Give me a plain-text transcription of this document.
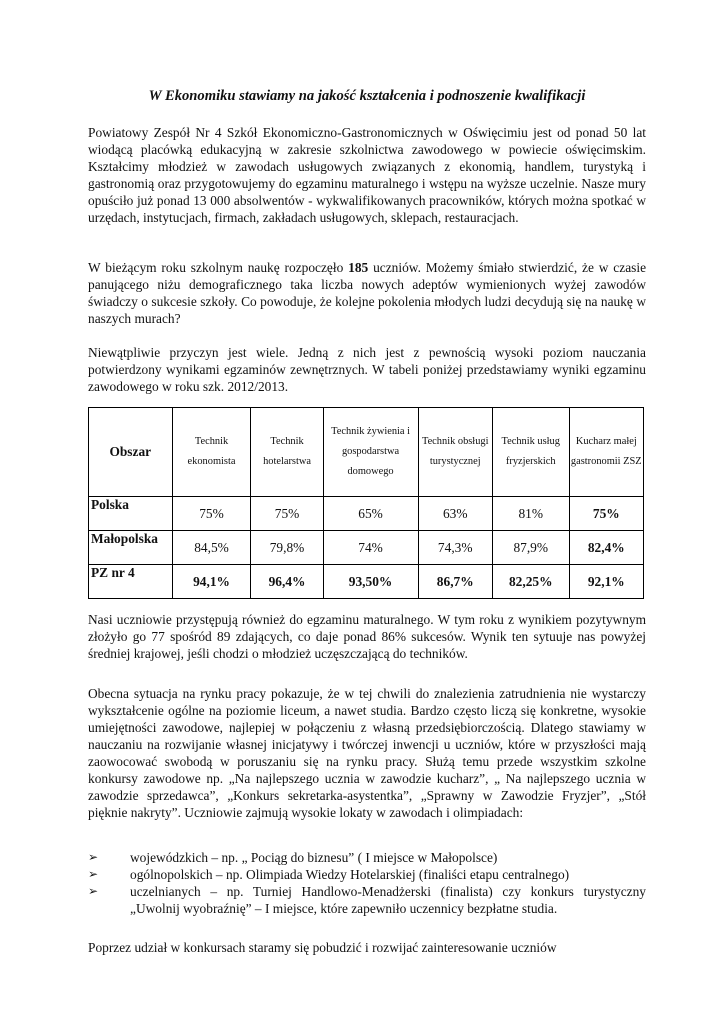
W Ekonomiku stawiamy na jakość kształcenia i podnoszenie kwalifikacji

Powiatowy Zespół Nr 4 Szkół Ekonomiczno-Gastronomicznych w Oświęcimiu jest od ponad 50 lat wiodącą placówką edukacyjną w zakresie szkolnictwa zawodowego w powiecie oświęcimskim. Kształcimy młodzież w zawodach usługowych związanych z ekonomią, handlem, turystyką i gastronomią oraz przygotowujemy do egzaminu maturalnego i wstępu na wyższe uczelnie. Nasze mury opuściło już ponad 13 000 absolwentów - wykwalifikowanych pracowników, których można spotkać w urzędach, instytucjach, firmach, zakładach usługowych, sklepach, restauracjach.

W bieżącym roku szkolnym naukę rozpoczęło 185 uczniów. Możemy śmiało stwierdzić, że w czasie panującego niżu demograficznego taka liczba nowych adeptów wymienionych wyżej zawodów świadczy o sukcesie szkoły. Co powoduje, że kolejne pokolenia młodych ludzi decydują się na naukę w naszych murach?

Niewątpliwie przyczyn jest wiele. Jedną z nich jest z pewnością wysoki poziom nauczania potwierdzony wynikami egzaminów zewnętrznych. W tabeli poniżej przedstawiamy wyniki egzaminu zawodowego w roku szk. 2012/2013.

Obszar	Technik ekonomista	Technik hotelarstwa	Technik żywienia i gospodarstwa domowego	Technik obsługi turystycznej	Technik usług fryzjerskich	Kucharz małej gastronomii ZSZ
Polska	75%	75%	65%	63%	81%	75%
Małopolska	84,5%	79,8%	74%	74,3%	87,9%	82,4%
PZ nr 4	94,1%	96,4%	93,50%	86,7%	82,25%	92,1%

Nasi uczniowie przystępują również do egzaminu maturalnego. W tym roku z wynikiem pozytywnym złożyło go 77 spośród 89 zdających, co daje ponad 86% sukcesów. Wynik ten sytuuje nas powyżej średniej krajowej, jeśli chodzi o młodzież uczęszczającą do techników.

Obecna sytuacja na rynku pracy pokazuje, że w tej chwili do znalezienia zatrudnienia nie wystarczy wykształcenie ogólne na poziomie liceum, a nawet studia. Bardzo często liczą się konkretne, wysokie umiejętności zawodowe, najlepiej w połączeniu z własną przedsiębiorczością. Dlatego stawiamy w nauczaniu na rozwijanie własnej inicjatywy i twórczej inwencji u uczniów, które w przyszłości mają zaowocować swobodą w poruszaniu się na rynku pracy. Służą temu przede wszystkim szkolne konkursy zawodowe np. „Na najlepszego ucznia w zawodzie kucharz”, „ Na najlepszego ucznia w zawodzie sprzedawca”, „Konkurs sekretarka-asystentka”, „Sprawny w Zawodzie Fryzjer”, „Stół pięknie nakryty”. Uczniowie zajmują wysokie lokaty w zawodach i olimpiadach:

➢ wojewódzkich – np. „ Pociąg do biznesu” ( I miejsce w Małopolsce)
➢ ogólnopolskich – np. Olimpiada Wiedzy Hotelarskiej (finaliści etapu centralnego)
➢ uczelnianych – np. Turniej Handlowo-Menadżerski (finalista) czy konkurs turystyczny „Uwolnij wyobraźnię” – I miejsce, które zapewniło uczennicy bezpłatne studia.

Poprzez udział w konkursach staramy się pobudzić i rozwijać zainteresowanie uczniów
